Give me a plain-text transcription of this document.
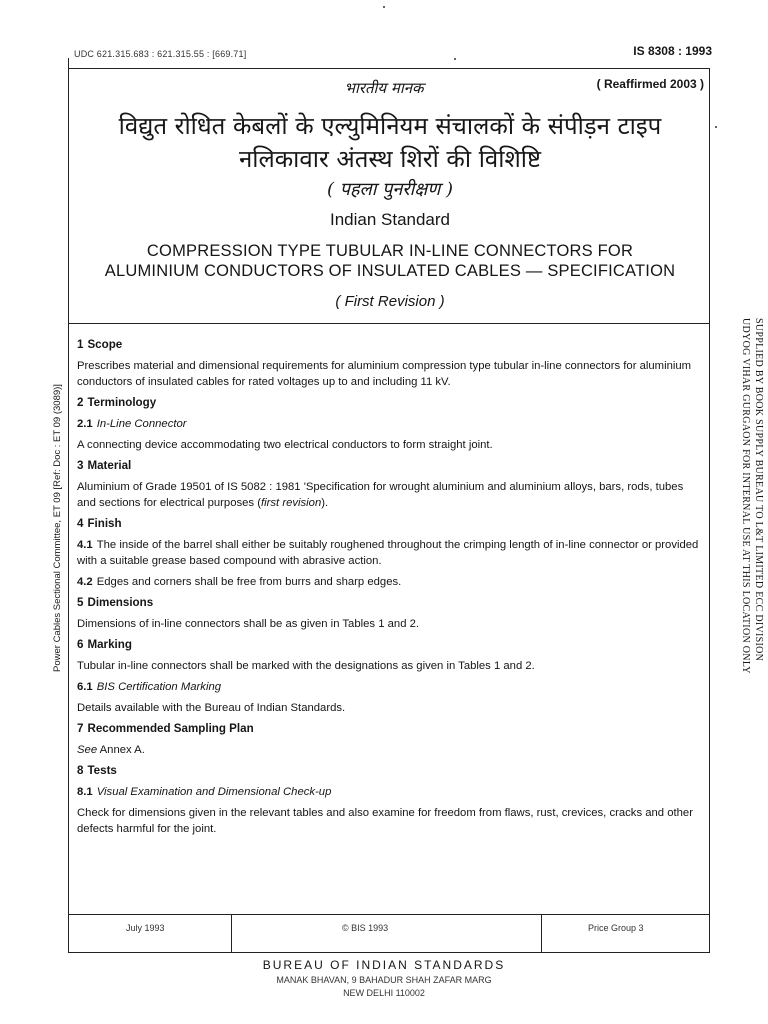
UDC 621.315.683 : 621.315.55 : [669.71]	IS 8308 : 1993
भारतीय मानक	( Reaffirmed 2003 )
विद्युत रोधित केबलों के एल्युमिनियम संचालकों के संपीड़न टाइप
नलिकावार अंतस्थ शिरों की विशिष्टि
( पहला पुनरीक्षण )
Indian Standard
COMPRESSION TYPE TUBULAR IN-LINE CONNECTORS FOR
ALUMINIUM CONDUCTORS OF INSULATED CABLES — SPECIFICATION
( First Revision )

1 Scope

Prescribes material and dimensional requirements for aluminium compression type tubular in-line connectors for aluminium conductors of insulated cables for rated voltages up to and including 11 kV.

2 Terminology

2.1 In-Line Connector

A connecting device accommodating two electrical conductors to form straight joint.

3 Material

Aluminium of Grade 19501 of IS 5082 : 1981 'Specification for wrought aluminium and aluminium alloys, bars, rods, tubes and sections for electrical purposes (first revision).

4 Finish

4.1 The inside of the barrel shall either be suitably roughened throughout the crimping length of in-line connector or provided with a suitable grease based compound with abrasive action.

4.2 Edges and corners shall be free from burrs and sharp edges.

5 Dimensions

Dimensions of in-line connectors shall be as given in Tables 1 and 2.

6 Marking

Tubular in-line connectors shall be marked with the designations as given in Tables 1 and 2.

6.1 BIS Certification Marking

Details available with the Bureau of Indian Standards.

7 Recommended Sampling Plan

See Annex A.

8 Tests

8.1 Visual Examination and Dimensional Check-up

Check for dimensions given in the relevant tables and also examine for freedom from flaws, rust, crevices, cracks and other defects harmful for the joint.

July 1993	© BIS 1993	Price Group 3
BUREAU OF INDIAN STANDARDS
MANAK BHAVAN, 9 BAHADUR SHAH ZAFAR MARG
NEW DELHI 110002
Power Cables Sectional Committee, ET 09 [Ref: Doc : ET 09 (3089)]	SUPPLIED BY BOOK SUPPLY BUREAU TO L&T LIMITED ECC DIVISION
UDYOG VIHAR GURGAON FOR INTERNAL USE AT THIS LOCATION ONLY
